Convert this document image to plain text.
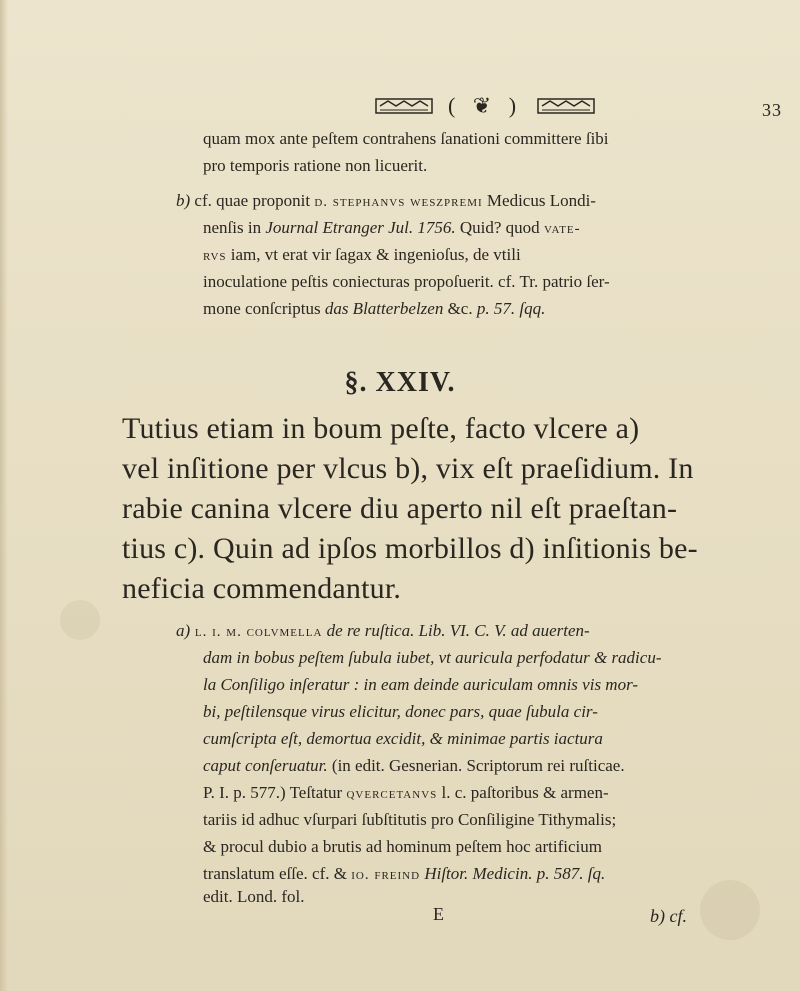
( ❦ )	33
quam mox ante peſtem contrahens ſanationi committere ſibi
pro temporis ratione non licuerit.
b) cf. quae proponit d. stephanvs weszpremi Medicus Londi-
nenſis in Journal Etranger Jul. 1756. Quid? quod vate-
rvs iam, vt erat vir ſagax & ingenioſus, de vtili
inoculatione peſtis coniecturas propoſuerit. cf. Tr. patrio ſer-
mone conſcriptus das Blatterbelzen &c. p. 57. ſqq.
§. XXIV.
Tutius etiam in boum peſte, facto vlcere a)
vel inſitione per vlcus b), vix eſt praeſidium. In
rabie canina vlcere diu aperto nil eſt praeſtan-
tius c). Quin ad ipſos morbillos d) inſitionis be-
neficia commendantur.
a) l. i. m. colvmella de re ruſtica. Lib. VI. C. V. ad auerten-
dam in bobus peſtem ſubula iubet, vt auricula perfodatur & radicu-
la Conſiligo inſeratur : in eam deinde auriculam omnis vis mor-
bi, peſtilensque virus elicitur, donec pars, quae ſubula cir-
cumſcripta eſt, demortua excidit, & minimae partis iactura
caput conſeruatur. (in edit. Gesnerian. Scriptorum rei ruſticae.
P. I. p. 577.) Teſtatur qvercetanvs l. c. paſtoribus & armen-
tariis id adhuc vſurpari ſubſtitutis pro Conſiligine Tithymalis;
& procul dubio a brutis ad hominum peſtem hoc artificium
translatum eſſe. cf. & io. freind Hiſtor. Medicin. p. 587. ſq.
edit. Lond. fol.
E	b) cf.
